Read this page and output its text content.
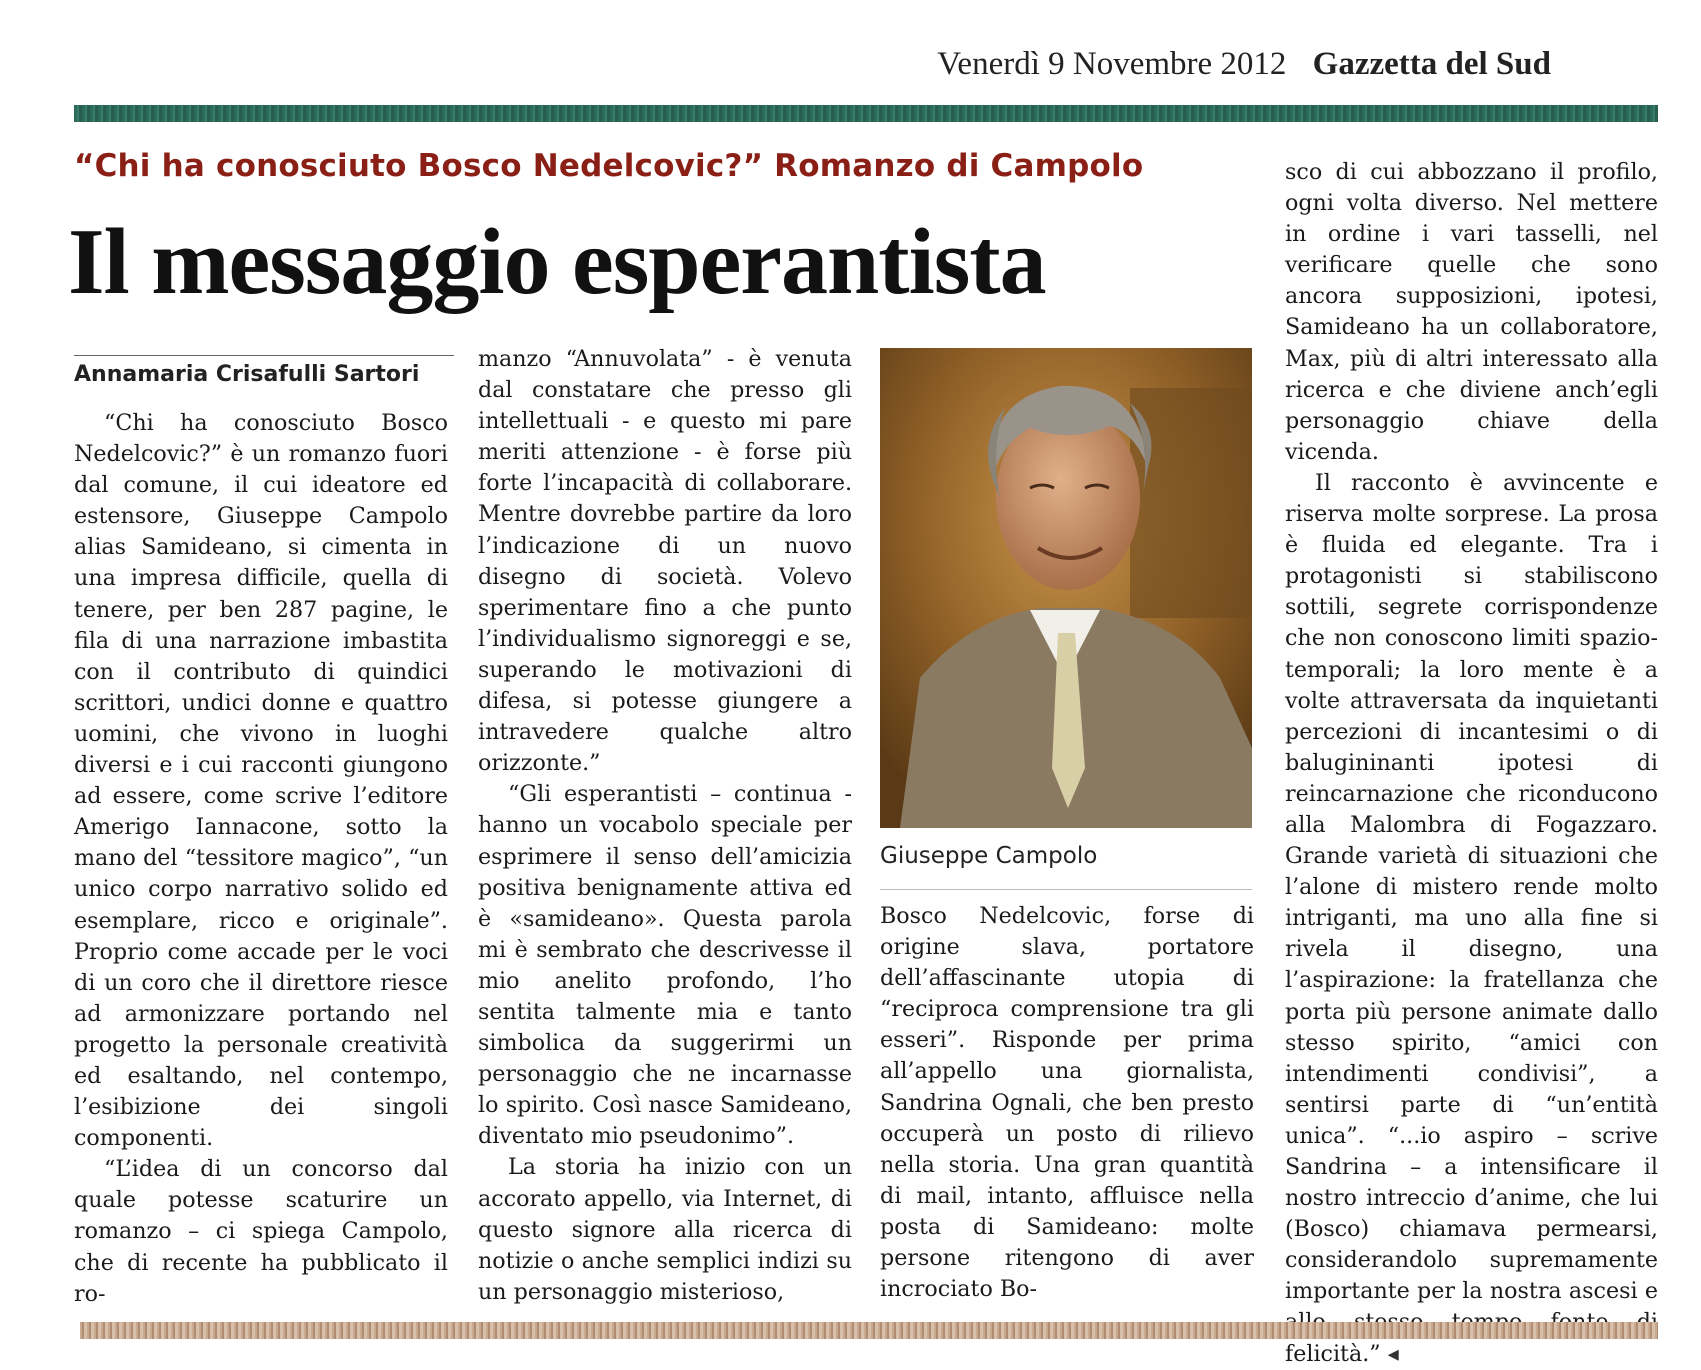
Venerdì 9 Novembre 2012 Gazzetta del Sud
“Chi ha conosciuto Bosco Nedelcovic?” Romanzo di Campolo
Il messaggio esperantista
Annamaria Crisafulli Sartori

“Chi ha conosciuto Bosco Nedelcovic?” è un romanzo fuori dal comune, il cui ideatore ed estensore, Giuseppe Campolo alias Samideano, si cimenta in una impresa difficile, quella di tenere, per ben 287 pagine, le fila di una narrazione imbastita con il contributo di quindici scrittori, undici donne e quattro uomini, che vivono in luoghi diversi e i cui racconti giungono ad essere, come scrive l’editore Amerigo Iannacone, sotto la mano del “tessitore magico”, “un unico corpo narrativo solido ed esemplare, ricco e originale”. Proprio come accade per le voci di un coro che il direttore riesce ad armonizzare portando nel progetto la personale creatività ed esaltando, nel contempo, l’esibizione dei singoli componenti.

“L’idea di un concorso dal quale potesse scaturire un romanzo – ci spiega Campolo, che di recente ha pubblicato il ro-

manzo “Annuvolata” - è venuta dal constatare che presso gli intellettuali - e questo mi pare meriti attenzione - è forse più forte l’incapacità di collaborare. Mentre dovrebbe partire da loro l’indicazione di un nuovo disegno di società. Volevo sperimentare fino a che punto l’individualismo signoreggi e se, superando le motivazioni di difesa, si potesse giungere a intravedere qualche altro orizzonte.”

“Gli esperantisti – continua - hanno un vocabolo speciale per esprimere il senso dell’amicizia positiva benignamente attiva ed è «samideano». Questa parola mi è sembrato che descrivesse il mio anelito profondo, l’ho sentita talmente mia e tanto simbolica da suggerirmi un personaggio che ne incarnasse lo spirito. Così nasce Samideano, diventato mio pseudonimo”.

La storia ha inizio con un accorato appello, via Internet, di questo signore alla ricerca di notizie o anche semplici indizi su un personaggio misterioso,

Giuseppe Campolo

Bosco Nedelcovic, forse di origine slava, portatore dell’affascinante utopia di “reciproca comprensione tra gli esseri”. Risponde per prima all’appello una giornalista, Sandrina Ognali, che ben presto occuperà un posto di rilievo nella storia. Una gran quantità di mail, intanto, affluisce nella posta di Samideano: molte persone ritengono di aver incrociato Bo-

sco di cui abbozzano il profilo, ogni volta diverso. Nel mettere in ordine i vari tasselli, nel verificare quelle che sono ancora supposizioni, ipotesi, Samideano ha un collaboratore, Max, più di altri interessato alla ricerca e che diviene anch’egli personaggio chiave della vicenda.

Il racconto è avvincente e riserva molte sorprese. La prosa è fluida ed elegante. Tra i protagonisti si stabiliscono sottili, segrete corrispondenze che non conoscono limiti spazio-temporali; la loro mente è a volte attraversata da inquietanti percezioni di incantesimi o di balugininanti ipotesi di reincarnazione che riconducono alla Malombra di Fogazzaro. Grande varietà di situazioni che l’alone di mistero rende molto intriganti, ma uno alla fine si rivela il disegno, una l’aspirazione: la fratellanza che porta più persone animate dallo stesso spirito, “amici con intendimenti condivisi”, a sentirsi parte di “un’entità unica”. “...io aspiro – scrive Sandrina – a intensificare il nostro intreccio d’anime, che lui (Bosco) chiamava permearsi, considerandolo supremamente importante per la nostra ascesi e felicità.” ◂
